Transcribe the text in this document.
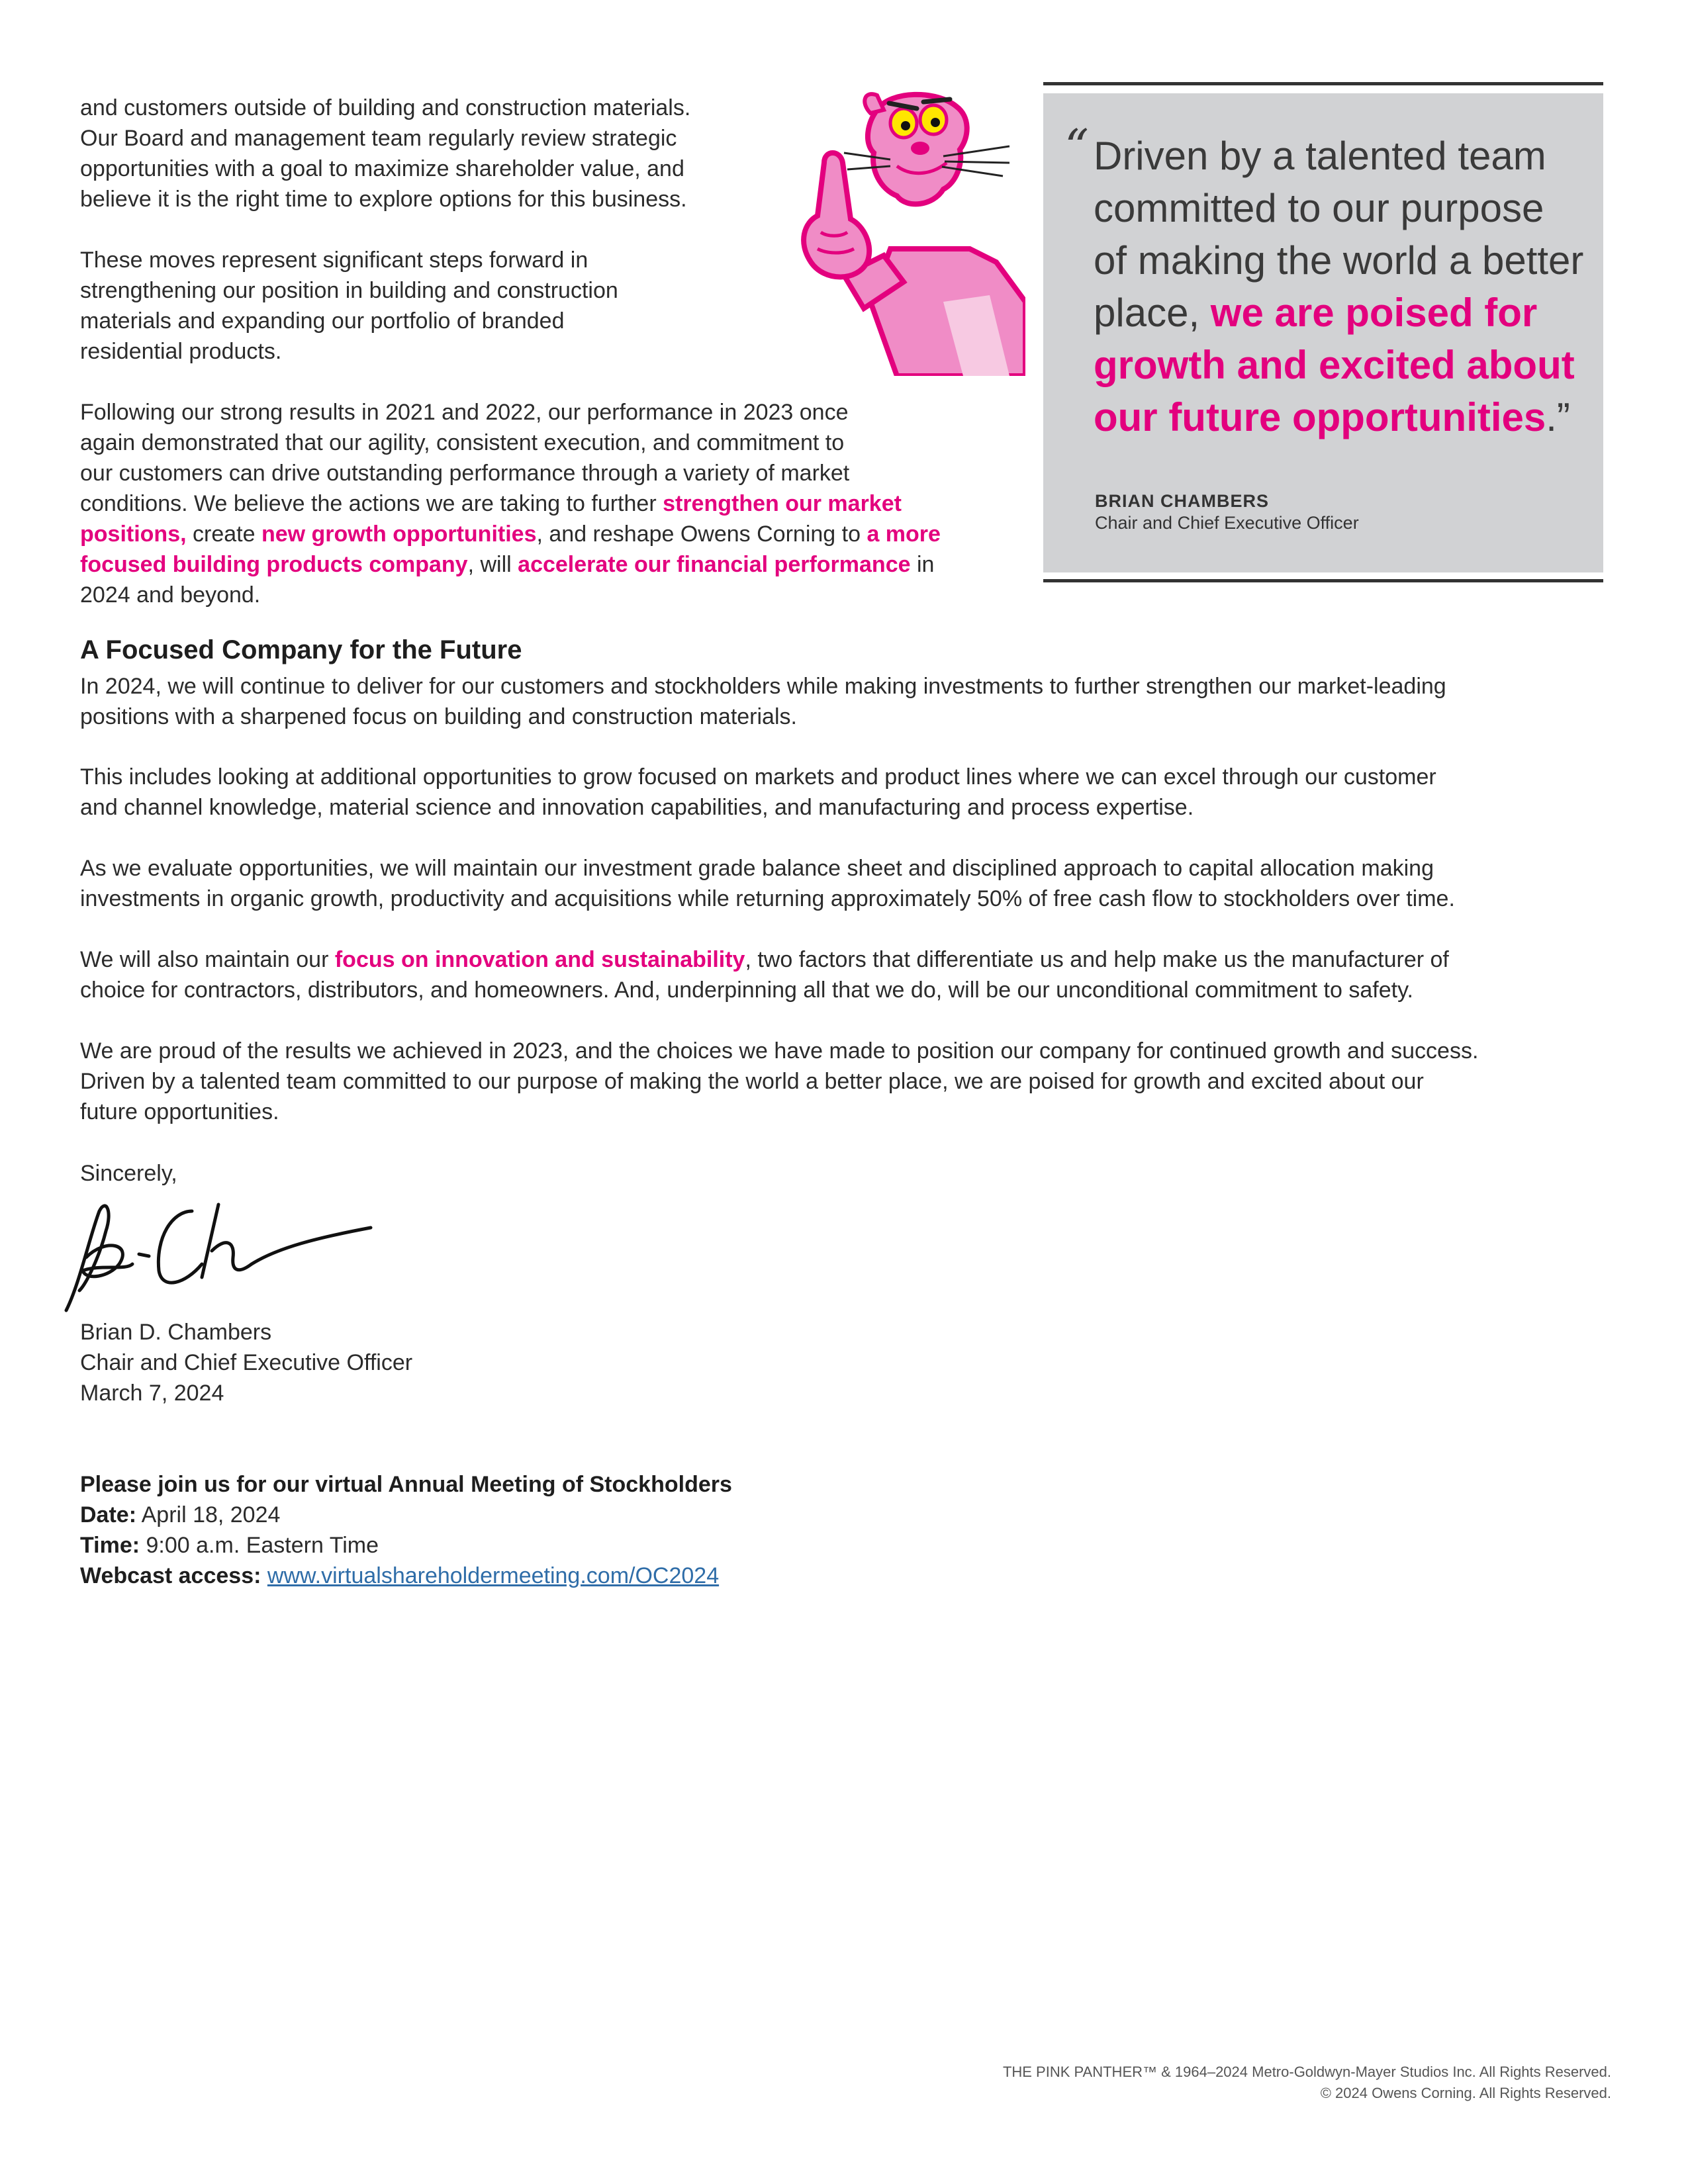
and customers outside of building and construction materials.
Our Board and management team regularly review strategic
opportunities with a goal to maximize shareholder value, and
believe it is the right time to explore options for this business.

These moves represent significant steps forward in
strengthening our position in building and construction
materials and expanding our portfolio of branded
residential products.

Following our strong results in 2021 and 2022, our performance in 2023 once
again demonstrated that our agility, consistent execution, and commitment to
our customers can drive outstanding performance through a variety of market
conditions. We believe the actions we are taking to further strengthen our market
positions, create new growth opportunities, and reshape Owens Corning to a more
focused building products company, will accelerate our financial performance in
2024 and beyond.

“ Driven by a talented team
committed to our purpose
of making the world a better
place, we are poised for
growth and excited about
our future opportunities.”

BRIAN CHAMBERS

Chair and Chief Executive Officer

A Focused Company for the Future

In 2024, we will continue to deliver for our customers and stockholders while making investments to further strengthen our market-leading
positions with a sharpened focus on building and construction materials.

This includes looking at additional opportunities to grow focused on markets and product lines where we can excel through our customer
and channel knowledge, material science and innovation capabilities, and manufacturing and process expertise.

As we evaluate opportunities, we will maintain our investment grade balance sheet and disciplined approach to capital allocation making
investments in organic growth, productivity and acquisitions while returning approximately 50% of free cash flow to stockholders over time.

We will also maintain our focus on innovation and sustainability, two factors that differentiate us and help make us the manufacturer of
choice for contractors, distributors, and homeowners. And, underpinning all that we do, will be our unconditional commitment to safety.

We are proud of the results we achieved in 2023, and the choices we have made to position our company for continued growth and success.
Driven by a talented team committed to our purpose of making the world a better place, we are poised for growth and excited about our
future opportunities.

Sincerely,

Brian D. Chambers
Chair and Chief Executive Officer
March 7, 2024

Please join us for our virtual Annual Meeting of Stockholders
Date: April 18, 2024
Time: 9:00 a.m. Eastern Time
Webcast access: www.virtualshareholdermeeting.com/OC2024

THE PINK PANTHER™ & 1964–2024 Metro-Goldwyn-Mayer Studios Inc. All Rights Reserved.

© 2024 Owens Corning. All Rights Reserved.
